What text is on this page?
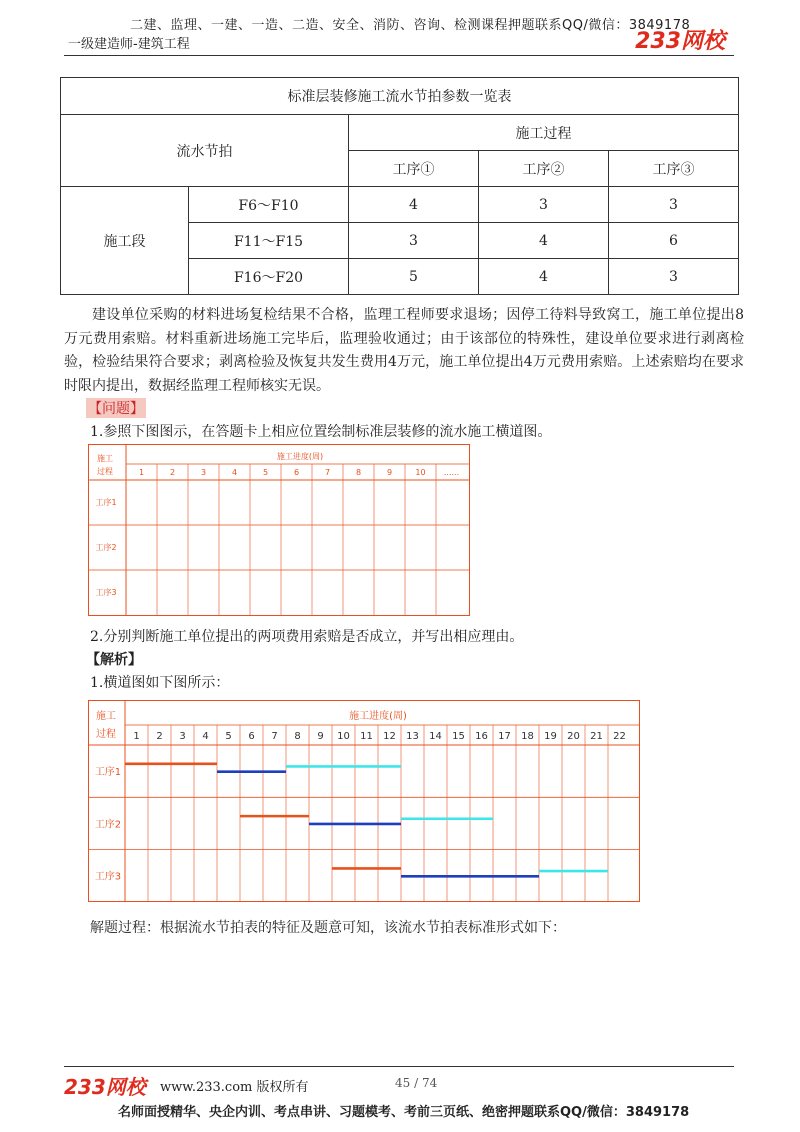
二建、监理、一建、一造、二造、安全、消防、咨询、检测课程押题联系QQ/微信：3849178
一级建造师-建筑工程	233网校
标准层装修施工流水节拍参数一览表				
流水节拍		施工过程		
		工序①	工序②	工序③
施工段	F6～F10	4	3	3
	F11～F15	3	4	6
	F16～F20	5	4	3
建设单位采购的材料进场复检结果不合格，监理工程师要求退场；因停工待料导致窝工，施工单位提出8万元费用索赔。材料重新进场施工完毕后，监理验收通过；由于该部位的特殊性，建设单位要求进行剥离检验，检验结果符合要求；剥离检验及恢复共发生费用4万元，施工单位提出4万元费用索赔。上述索赔均在要求时限内提出，数据经监理工程师核实无误。
【问题】
1.参照下图图示，在答题卡上相应位置绘制标准层装修的流水施工横道图。
施工
过程
施工进度(周)
1	2	3	4	5	6	7	8	9	10 ......
工序1
工序2
工序3
2.分别判断施工单位提出的两项费用索赔是否成立，并写出相应理由。
【解析】
1.横道图如下图所示：
施工
过程
施工进度(周)
1 2 3 4 5 6 7 8 9 10 11 12 13 14 15 16 17 18 19 20 21 22
工序1
工序2
工序3
解题过程：根据流水节拍表的特征及题意可知，该流水节拍表标准形式如下：
233网校 www.233.com 版权所有	45 / 74
名师面授精华、央企内训、考点串讲、习题模考、考前三页纸、绝密押题联系QQ/微信：3849178
